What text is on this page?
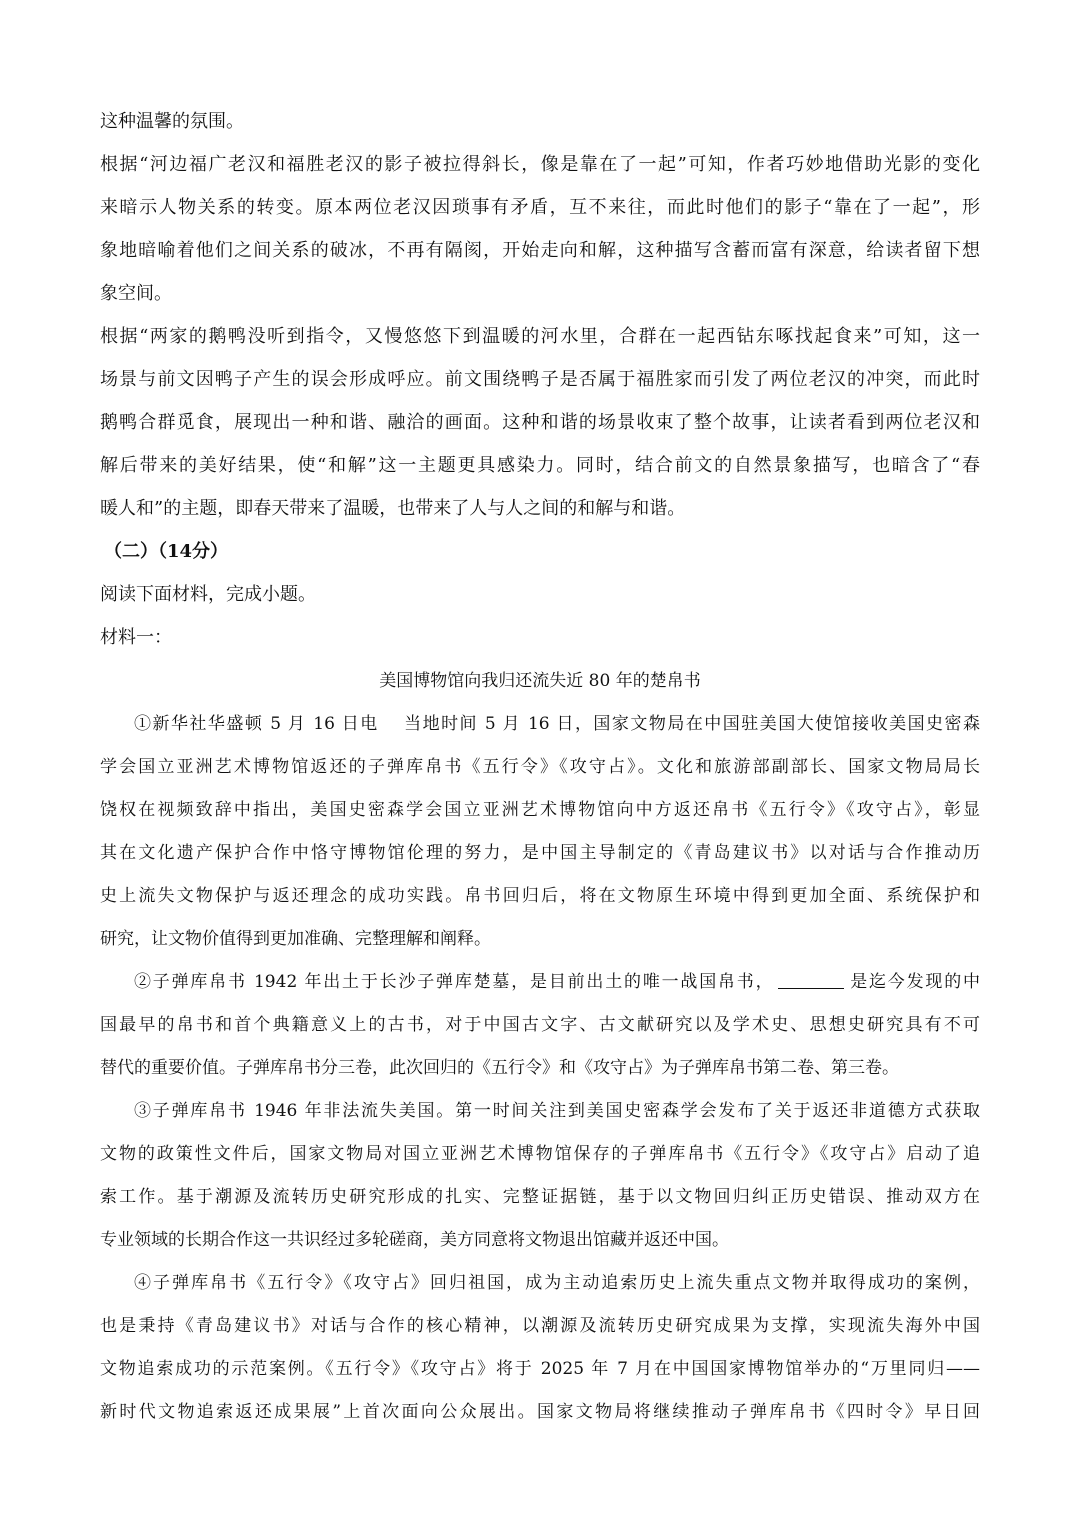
这种温馨的氛围。
根据“河边福广老汉和福胜老汉的影子被拉得斜长，像是靠在了一起”可知，作者巧妙地借助光影的变化
来暗示人物关系的转变。原本两位老汉因琐事有矛盾，互不来往，而此时他们的影子“靠在了一起”，形
象地暗喻着他们之间关系的破冰，不再有隔阂，开始走向和解，这种描写含蓄而富有深意，给读者留下想
象空间。
根据“两家的鹅鸭没听到指令，又慢悠悠下到温暖的河水里，合群在一起西钻东啄找起食来”可知，这一
场景与前文因鸭子产生的误会形成呼应。前文围绕鸭子是否属于福胜家而引发了两位老汉的冲突，而此时
鹅鸭合群觅食，展现出一种和谐、融洽的画面。这种和谐的场景收束了整个故事，让读者看到两位老汉和
解后带来的美好结果，使“和解”这一主题更具感染力。同时，结合前文的自然景象描写，也暗含了“春
暖人和”的主题，即春天带来了温暖，也带来了人与人之间的和解与和谐。
（二）（14分）
阅读下面材料，完成小题。
材料一：
美国博物馆向我归还流失近 80 年的楚帛书
①新华社华盛顿 5 月 16 日电　 当地时间 5 月 16 日，国家文物局在中国驻美国大使馆接收美国史密森
学会国立亚洲艺术博物馆返还的子弹库帛书《五行令》《攻守占》。文化和旅游部副部长、国家文物局局长
饶权在视频致辞中指出，美国史密森学会国立亚洲艺术博物馆向中方返还帛书《五行令》《攻守占》，彰显
其在文化遗产保护合作中恪守博物馆伦理的努力，是中国主导制定的《青岛建议书》以对话与合作推动历
史上流失文物保护与返还理念的成功实践。帛书回归后，将在文物原生环境中得到更加全面、系统保护和
研究，让文物价值得到更加准确、完整理解和阐释。
②子弹库帛书 1942 年出土于长沙子弹库楚墓，是目前出土的唯一战国帛书，	是迄今发现的中
国最早的帛书和首个典籍意义上的古书，对于中国古文字、古文献研究以及学术史、思想史研究具有不可
替代的重要价值。子弹库帛书分三卷，此次回归的《五行令》和《攻守占》为子弹库帛书第二卷、第三卷。
③子弹库帛书 1946 年非法流失美国。第一时间关注到美国史密森学会发布了关于返还非道德方式获取
文物的政策性文件后，国家文物局对国立亚洲艺术博物馆保存的子弹库帛书《五行令》《攻守占》启动了追
索工作。基于潮源及流转历史研究形成的扎实、完整证据链，基于以文物回归纠正历史错误、推动双方在
专业领域的长期合作这一共识经过多轮磋商，美方同意将文物退出馆藏并返还中国。
④子弹库帛书《五行令》《攻守占》回归祖国，成为主动追索历史上流失重点文物并取得成功的案例，
也是秉持《青岛建议书》对话与合作的核心精神，以潮源及流转历史研究成果为支撑，实现流失海外中国
文物追索成功的示范案例。《五行令》《攻守占》将于 2025 年 7 月在中国国家博物馆举办的“万里同归——
新时代文物追索返还成果展”上首次面向公众展出。国家文物局将继续推动子弹库帛书《四时令》早日回
